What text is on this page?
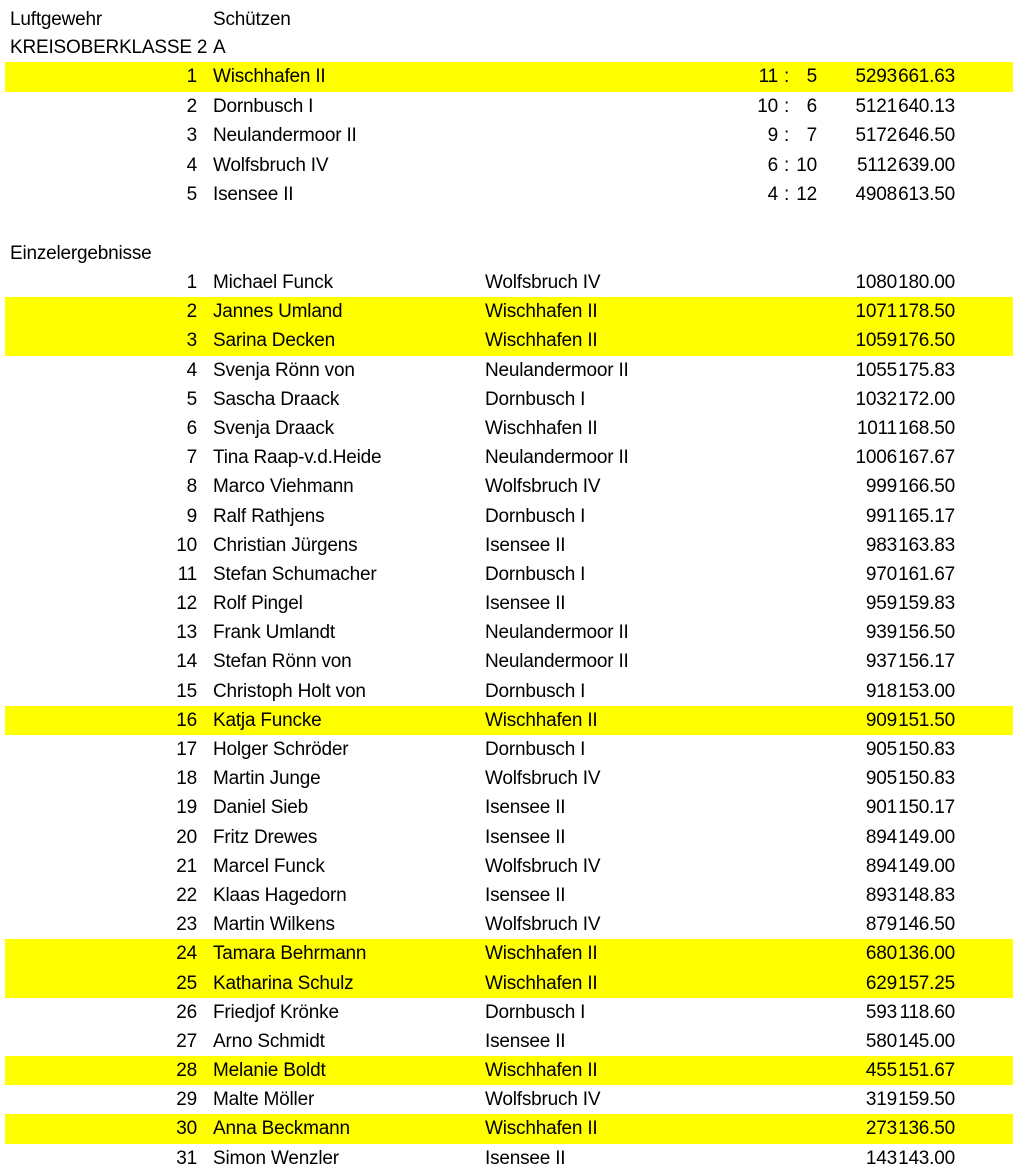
Luftgewehr	Schützen
KREISOBERKLASSE 2 A
1 Wischhafen II	11 : 5	5293 661.63
2 Dornbusch I	10 : 6	5121 640.13
3 Neulandermoor II	9 : 7	5172 646.50
4 Wolfsbruch IV	6 : 10	5112 639.00
5 Isensee II	4 : 12	4908 613.50
Einzelergebnisse
1 Michael Funck	Wolfsbruch IV	1080 180.00
2 Jannes Umland	Wischhafen II	1071 178.50
3 Sarina Decken	Wischhafen II	1059 176.50
4 Svenja Rönn von	Neulandermoor II	1055 175.83
5 Sascha Draack	Dornbusch I	1032 172.00
6 Svenja Draack	Wischhafen II	1011 168.50
7 Tina Raap-v.d.Heide	Neulandermoor II	1006 167.67
8 Marco Viehmann	Wolfsbruch IV	999 166.50
9 Ralf Rathjens	Dornbusch I	991 165.17
10 Christian Jürgens	Isensee II	983 163.83
11 Stefan Schumacher	Dornbusch I	970 161.67
12 Rolf Pingel	Isensee II	959 159.83
13 Frank Umlandt	Neulandermoor II	939 156.50
14 Stefan Rönn von	Neulandermoor II	937 156.17
15 Christoph Holt von	Dornbusch I	918 153.00
16 Katja Funcke	Wischhafen II	909 151.50
17 Holger Schröder	Dornbusch I	905 150.83
18 Martin Junge	Wolfsbruch IV	905 150.83
19 Daniel Sieb	Isensee II	901 150.17
20 Fritz Drewes	Isensee II	894 149.00
21 Marcel Funck	Wolfsbruch IV	894 149.00
22 Klaas Hagedorn	Isensee II	893 148.83
23 Martin Wilkens	Wolfsbruch IV	879 146.50
24 Tamara Behrmann	Wischhafen II	680 136.00
25 Katharina Schulz	Wischhafen II	629 157.25
26 Friedjof Krönke	Dornbusch I	593 118.60
27 Arno Schmidt	Isensee II	580 145.00
28 Melanie Boldt	Wischhafen II	455 151.67
29 Malte Möller	Wolfsbruch IV	319 159.50
30 Anna Beckmann	Wischhafen II	273 136.50
31 Simon Wenzler	Isensee II	143 143.00
